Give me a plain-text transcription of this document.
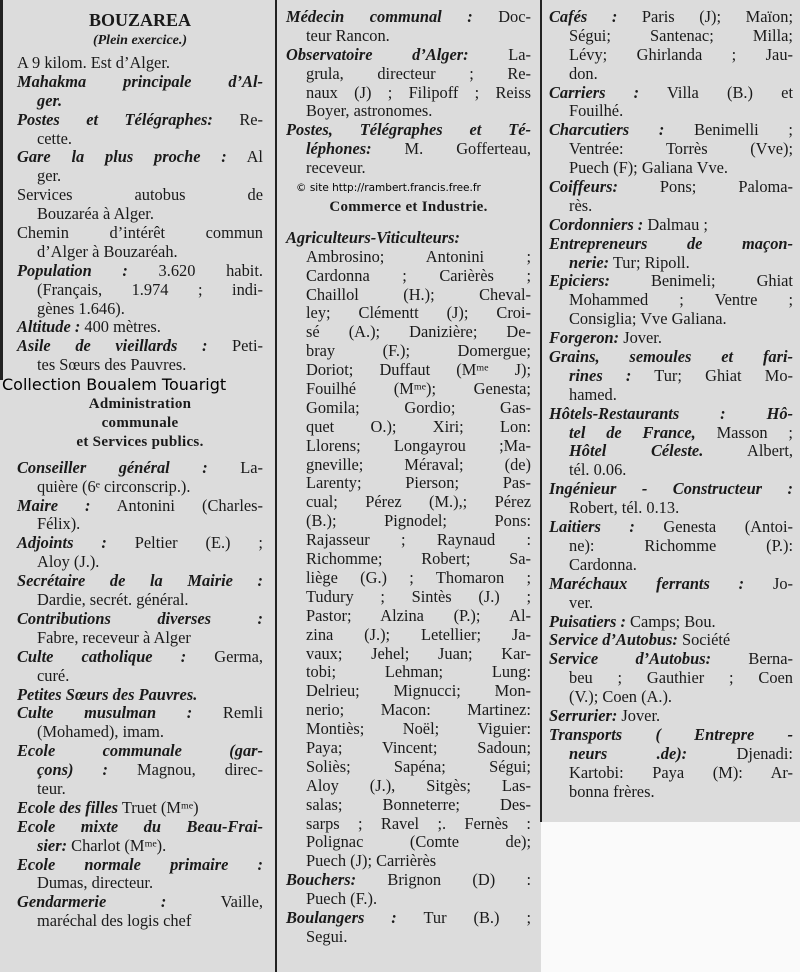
BOUZAREA
(Plein exercice.)
A 9 kilom. Est d’Alger.
Mahakma principale d’Al-
ger.
Postes et Télégraphes: Re-
cette.
Gare la plus proche : Al
ger.
Services autobus de
Bouzaréa à Alger.
Chemin d’intérêt commun
d’Alger à Bouzaréah.
Population : 3.620 habit.
(Français, 1.974 ; indi-
gènes 1.646).
Altitude : 400 mètres.
Asile de vieillards : Peti-
tes Sœurs des Pauvres.
Collection Boualem Touarigt
Administration
communale
et Services publics.
Conseiller général : La-
quière (6ᵉ circonscrip.).
Maire : Antonini (Charles-
Félix).
Adjoints : Peltier (E.) ;
Aloy (J.).
Secrétaire de la Mairie :
Dardie, secrét. général.
Contributions diverses :
Fabre, receveur à Alger
Culte catholique : Germa,
curé.
Petites Sœurs des Pauvres.
Culte musulman : Remli
(Mohamed), imam.
Ecole communale (gar-
çons) : Magnou, direc-
teur.
Ecole des filles Truet (Mᵐᵉ)
Ecole mixte du Beau-Frai-
sier: Charlot (Mᵐᵉ).
Ecole normale primaire :
Dumas, directeur.
Gendarmerie : Vaille,
maréchal des logis chef
Médecin communal : Doc-
teur Rancon.
Observatoire d’Alger: La-
grula, directeur ; Re-
naux (J) ; Filipoff ; Reiss
Boyer, astronomes.
Postes, Télégraphes et Té-
léphones: M. Gofferteau,
receveur.
© site http://rambert.francis.free.fr
Commerce et Industrie.
Agriculteurs-Viticulteurs:
Ambrosino; Antonini ;
Cardonna ; Carièrès ;
Chaillol (H.); Cheval-
ley; Clémentt (J); Croi-
sé (A.); Danizière; De-
bray (F.); Domergue;
Doriot; Duffaut (Mᵐᵉ J);
Fouilhé (Mᵐᵉ); Genesta;
Gomila; Gordio; Gas-
quet O.); Xiri; Lon:
Llorens; Longayrou ;Ma-
gneville; Méraval; (de)
Larenty; Pierson; Pas-
cual; Pérez (M.),; Pérez
(B.); Pignodel; Pons:
Rajasseur ; Raynaud :
Richomme; Robert; Sa-
liège (G.) ; Thomaron ;
Tudury ; Sintès (J.) ;
Pastor; Alzina (P.); Al-
zina (J.); Letellier; Ja-
vaux; Jehel; Juan; Kar-
tobi; Lehman; Lung:
Delrieu; Mignucci; Mon-
nerio; Macon: Martinez:
Montiès; Noël; Viguier:
Paya; Vincent; Sadoun;
Soliès; Sapéna; Ségui;
Aloy (J.), Sitgès; Las-
salas; Bonneterre; Des-
sarps ; Ravel ;. Fernès :
Polignac (Comte de);
Puech (J); Carrièrès
Bouchers: Brignon (D) :
Puech (F.).
Boulangers : Tur (B.) ;
Segui.
Cafés : Paris (J); Maïon;
Ségui; Santenac; Milla;
Lévy; Ghirlanda ; Jau-
don.
Carriers : Villa (B.) et
Fouilhé.
Charcutiers : Benimelli ;
Ventrée: Torrès (Vve);
Puech (F); Galiana Vve.
Coiffeurs: Pons; Paloma-
rès.
Cordonniers : Dalmau ;
Entrepreneurs de maçon-
nerie: Tur; Ripoll.
Epiciers: Benimeli; Ghiat
Mohammed ; Ventre ;
Consiglia; Vve Galiana.
Forgeron: Jover.
Grains, semoules et fari-
rines : Tur; Ghiat Mo-
hamed.
Hôtels-Restaurants : Hô-
tel de France, Masson ;
Hôtel Céleste. Albert,
tél. 0.06.
Ingénieur - Constructeur :
Robert, tél. 0.13.
Laitiers : Genesta (Antoi-
ne): Richomme (P.):
Cardonna.
Maréchaux ferrants : Jo-
ver.
Puisatiers : Camps; Bou.
Service d’Autobus: Société
Service d’Autobus: Berna-
beu ; Gauthier ; Coen
(V.); Coen (A.).
Serrurier: Jover.
Transports ( Entrepre -
neurs .de): Djenadi:
Kartobi: Paya (M): Ar-
bonna frères.
